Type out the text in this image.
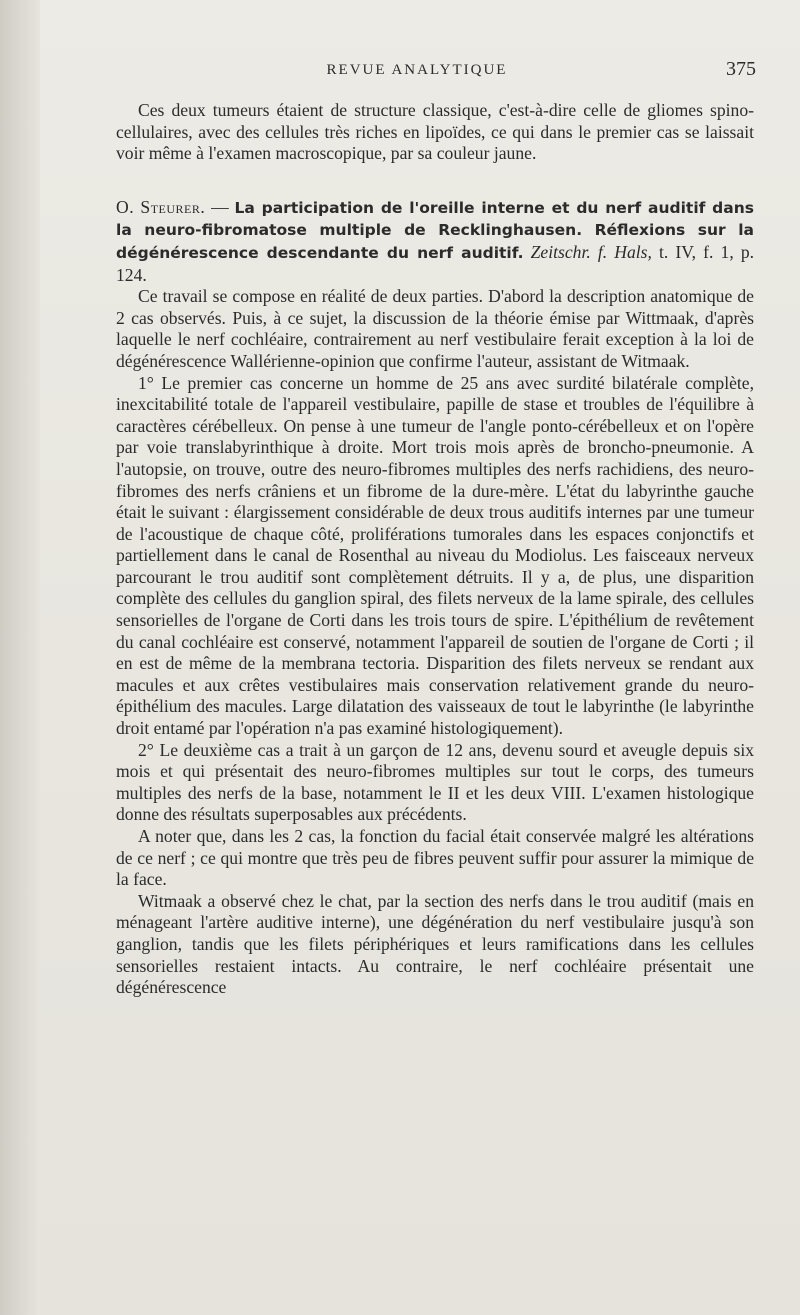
REVUE ANALYTIQUE	375

Ces deux tumeurs étaient de structure classique, c'est-à-dire celle de gliomes spino-cellulaires, avec des cellules très riches en lipoïdes, ce qui dans le premier cas se laissait voir même à l'examen macroscopique, par sa couleur jaune.

O. Steurer. — La participation de l'oreille interne et du nerf auditif dans la neuro-fibromatose multiple de Recklinghausen. Réflexions sur la dégénérescence descendante du nerf auditif. Zeitschr. f. Hals, t. IV, f. 1, p. 124.

Ce travail se compose en réalité de deux parties. D'abord la description anatomique de 2 cas observés. Puis, à ce sujet, la discussion de la théorie émise par Wittmaak, d'après laquelle le nerf cochléaire, contrairement au nerf vestibulaire ferait exception à la loi de dégénérescence Wallérienne-opinion que confirme l'auteur, assistant de Witmaak.

1° Le premier cas concerne un homme de 25 ans avec surdité bilatérale complète, inexcitabilité totale de l'appareil vestibulaire, papille de stase et troubles de l'équilibre à caractères cérébelleux. On pense à une tumeur de l'angle ponto-cérébelleux et on l'opère par voie translabyrinthique à droite. Mort trois mois après de broncho-pneumonie. A l'autopsie, on trouve, outre des neuro-fibromes multiples des nerfs rachidiens, des neuro-fibromes des nerfs crâniens et un fibrome de la dure-mère. L'état du labyrinthe gauche était le suivant : élargissement considérable de deux trous auditifs internes par une tumeur de l'acoustique de chaque côté, proliférations tumorales dans les espaces conjonctifs et partiellement dans le canal de Rosenthal au niveau du Modiolus. Les faisceaux nerveux parcourant le trou auditif sont complètement détruits. Il y a, de plus, une disparition complète des cellules du ganglion spiral, des filets nerveux de la lame spirale, des cellules sensorielles de l'organe de Corti dans les trois tours de spire. L'épithélium de revêtement du canal cochléaire est conservé, notamment l'appareil de soutien de l'organe de Corti ; il en est de même de la membrana tectoria. Disparition des filets nerveux se rendant aux macules et aux crêtes vestibulaires mais conservation relativement grande du neuro-épithélium des macules. Large dilatation des vaisseaux de tout le labyrinthe (le labyrinthe droit entamé par l'opération n'a pas examiné histologiquement).

2° Le deuxième cas a trait à un garçon de 12 ans, devenu sourd et aveugle depuis six mois et qui présentait des neuro-fibromes multiples sur tout le corps, des tumeurs multiples des nerfs de la base, notamment le II et les deux VIII. L'examen histologique donne des résultats superposables aux précédents.

A noter que, dans les 2 cas, la fonction du facial était conservée malgré les altérations de ce nerf ; ce qui montre que très peu de fibres peuvent suffir pour assurer la mimique de la face.

Witmaak a observé chez le chat, par la section des nerfs dans le trou auditif (mais en ménageant l'artère auditive interne), une dégénération du nerf vestibulaire jusqu'à son ganglion, tandis que les filets périphériques et leurs ramifications dans les cellules sensorielles restaient intacts. Au contraire, le nerf cochléaire présentait une dégénérescence
